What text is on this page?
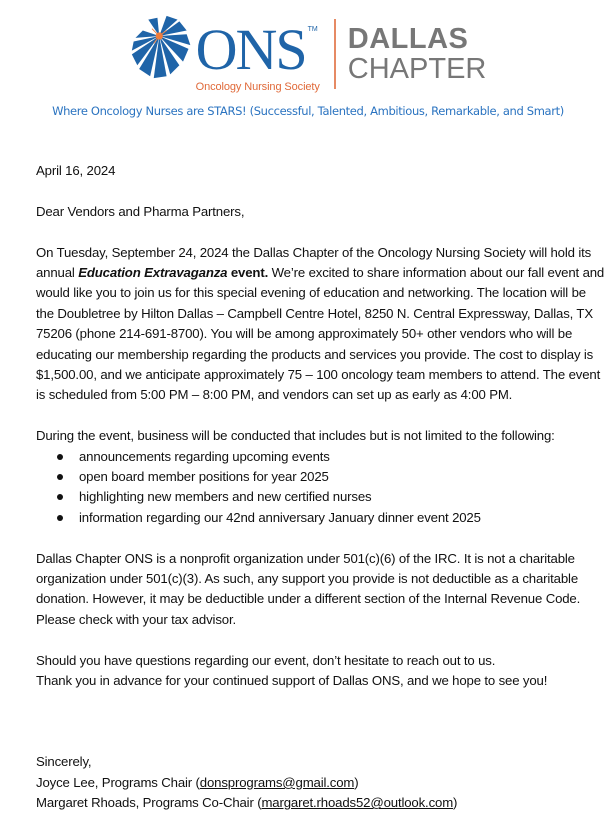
ONS TM
Oncology Nursing Society
DALLAS
CHAPTER
Where Oncology Nurses are STARS! (Successful, Talented, Ambitious, Remarkable, and Smart)

April 16, 2024

Dear Vendors and Pharma Partners,

On Tuesday, September 24, 2024 the Dallas Chapter of the Oncology Nursing Society will hold its annual Education Extravaganza event. We’re excited to share information about our fall event and would like you to join us for this special evening of education and networking. The location will be the Doubletree by Hilton Dallas – Campbell Centre Hotel, 8250 N. Central Expressway, Dallas, TX 75206 (phone 214-691-8700). You will be among approximately 50+ other vendors who will be educating our membership regarding the products and services you provide. The cost to display is $1,500.00, and we anticipate approximately 75 – 100 oncology team members to attend. The event is scheduled from 5:00 PM – 8:00 PM, and vendors can set up as early as 4:00 PM.

During the event, business will be conducted that includes but is not limited to the following:

announcements regarding upcoming events
open board member positions for year 2025
highlighting new members and new certified nurses
information regarding our 42nd anniversary January dinner event 2025

Dallas Chapter ONS is a nonprofit organization under 501(c)(6) of the IRC. It is not a charitable organization under 501(c)(3). As such, any support you provide is not deductible as a charitable donation. However, it may be deductible under a different section of the Internal Revenue Code. Please check with your tax advisor.

Should you have questions regarding our event, don’t hesitate to reach out to us.

Thank you in advance for your continued support of Dallas ONS, and we hope to see you!

Sincerely,

Joyce Lee, Programs Chair (donsprograms@gmail.com)

Margaret Rhoads, Programs Co-Chair (margaret.rhoads52@outlook.com)
